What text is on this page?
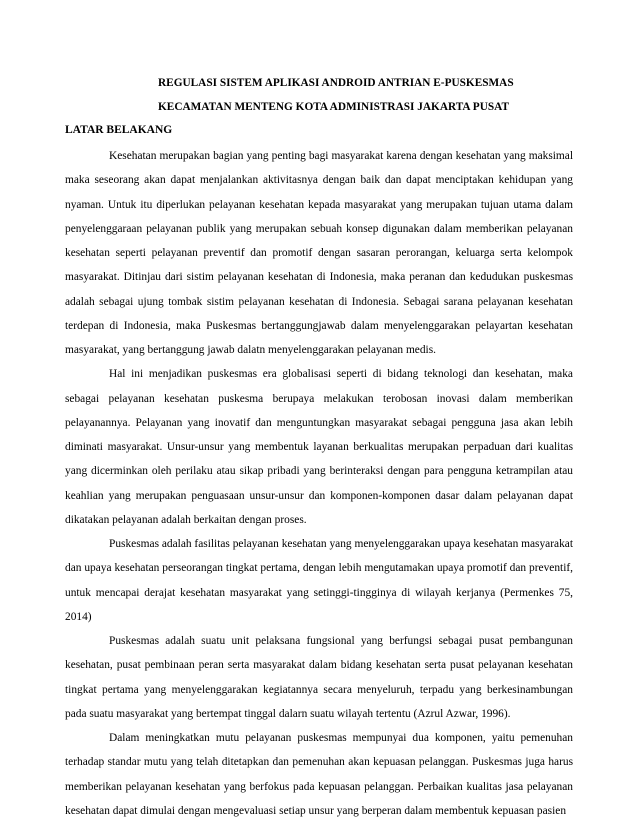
REGULASI SISTEM APLIKASI ANDROID ANTRIAN E-PUSKESMAS
KECAMATAN MENTENG KOTA ADMINISTRASI JAKARTA PUSAT
LATAR BELAKANG

Kesehatan merupakan bagian yang penting bagi masyarakat karena dengan kesehatan yang maksimal maka seseorang akan dapat menjalankan aktivitasnya dengan baik dan dapat menciptakan kehidupan yang nyaman. Untuk itu diperlukan pelayanan kesehatan kepada masyarakat yang merupakan tujuan utama dalam penyelenggaraan pelayanan publik yang merupakan sebuah konsep digunakan dalam memberikan pelayanan kesehatan seperti pelayanan preventif dan promotif dengan sasaran perorangan, keluarga serta kelompok masyarakat. Ditinjau dari sistim pelayanan kesehatan di Indonesia, maka peranan dan kedudukan puskesmas adalah sebagai ujung tombak sistim pelayanan kesehatan di Indonesia. Sebagai sarana pelayanan kesehatan terdepan di Indonesia, maka Puskesmas bertanggungjawab dalam menyelenggarakan pelayartan kesehatan masyarakat, yang bertanggung jawab dalatn menyelenggarakan pelayanan medis.

Hal ini menjadikan puskesmas era globalisasi seperti di bidang teknologi dan kesehatan, maka sebagai pelayanan kesehatan puskesma berupaya melakukan terobosan inovasi dalam memberikan pelayanannya. Pelayanan yang inovatif dan menguntungkan masyarakat sebagai pengguna jasa akan lebih diminati masyarakat. Unsur-unsur yang membentuk layanan berkualitas merupakan perpaduan dari kualitas yang dicerminkan oleh perilaku atau sikap pribadi yang berinteraksi dengan para pengguna ketrampilan atau keahlian yang merupakan penguasaan unsur-unsur dan komponen-komponen dasar dalam pelayanan dapat dikatakan pelayanan adalah berkaitan dengan proses.

Puskesmas adalah fasilitas pelayanan kesehatan yang menyelenggarakan upaya kesehatan masyarakat dan upaya kesehatan perseorangan tingkat pertama, dengan lebih mengutamakan upaya promotif dan preventif, untuk mencapai derajat kesehatan masyarakat yang setinggi-tingginya di wilayah kerjanya (Permenkes 75, 2014)

Puskesmas adalah suatu unit pelaksana fungsional yang berfungsi sebagai pusat pembangunan kesehatan, pusat pembinaan peran serta masyarakat dalam bidang kesehatan serta pusat pelayanan kesehatan tingkat pertama yang menyelenggarakan kegiatannya secara menyeluruh, terpadu yang berkesinambungan pada suatu masyarakat yang bertempat tinggal dalarn suatu wilayah tertentu (Azrul Azwar, 1996).

Dalam meningkatkan mutu pelayanan puskesmas mempunyai dua komponen, yaitu pemenuhan terhadap standar mutu yang telah ditetapkan dan pemenuhan akan kepuasan pelanggan. Puskesmas juga harus memberikan pelayanan kesehatan yang berfokus pada kepuasan pelanggan. Perbaikan kualitas jasa pelayanan kesehatan dapat dimulai dengan mengevaluasi setiap unsur yang berperan dalam membentuk kepuasan pasien
